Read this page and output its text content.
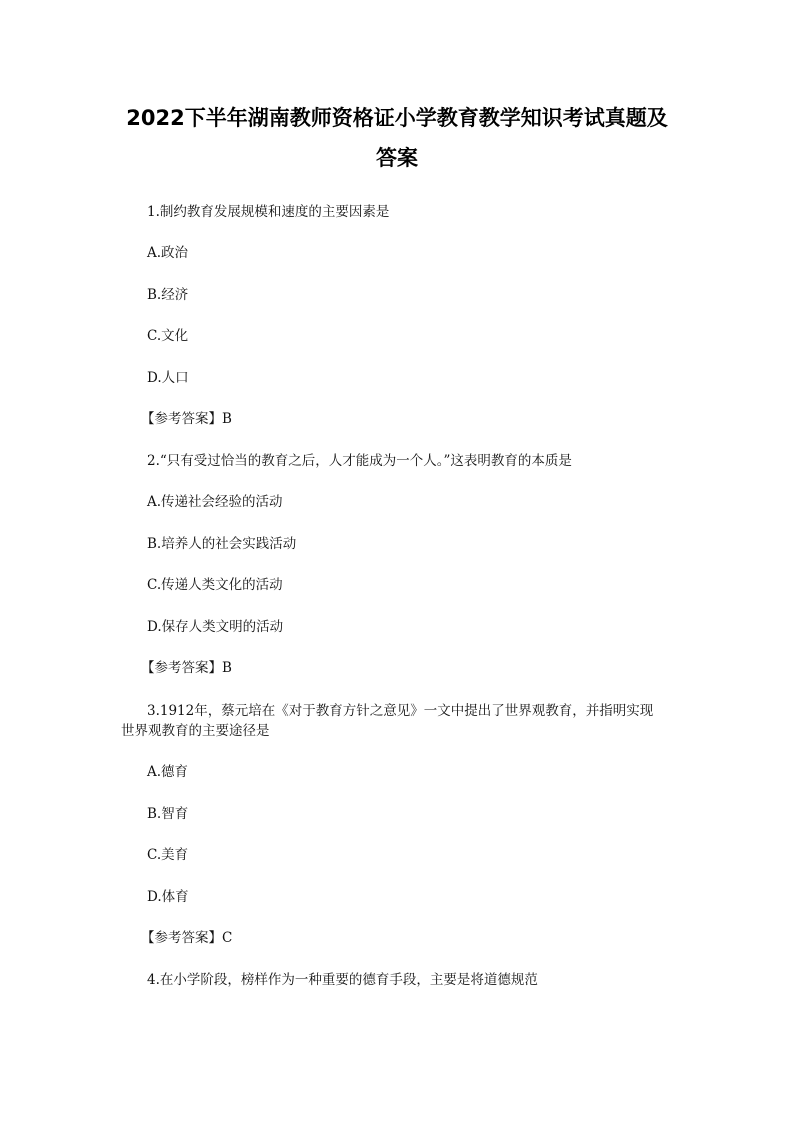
2022下半年湖南教师资格证小学教育教学知识考试真题及
答案
1.制约教育发展规模和速度的主要因素是
A.政治
B.经济
C.文化
D.人口
【参考答案】B
2.“只有受过恰当的教育之后，人才能成为一个人。”这表明教育的本质是
A.传递社会经验的活动
B.培养人的社会实践活动
C.传递人类文化的活动
D.保存人类文明的活动
【参考答案】B
3.1912年，蔡元培在《对于教育方针之意见》一文中提出了世界观教育，并指明实现
世界观教育的主要途径是
A.德育
B.智育
C.美育
D.体育
【参考答案】C
4.在小学阶段，榜样作为一种重要的德育手段，主要是将道德规范
